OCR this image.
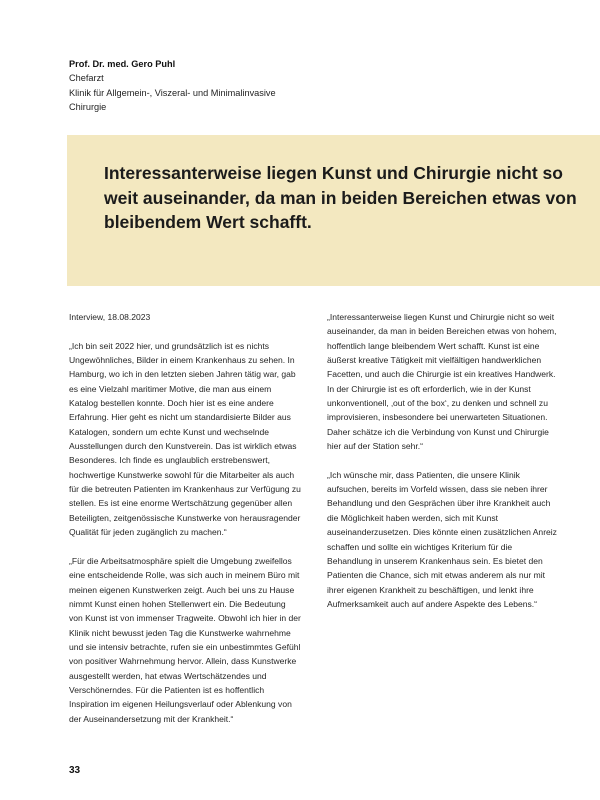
Prof. Dr. med. Gero Puhl
Chefarzt
Klinik für Allgemein-, Viszeral- und Minimalinvasive
Chirurgie
Interessanterweise liegen Kunst und Chirurgie nicht so weit auseinander, da man in beiden Bereichen etwas von bleibendem Wert schafft.

Interview, 18.08.2023

„Ich bin seit 2022 hier, und grundsätzlich ist es nichts Ungewöhnliches, Bilder in einem Krankenhaus zu sehen. In Hamburg, wo ich in den letzten sieben Jahren tätig war, gab es eine Vielzahl maritimer Motive, die man aus einem Katalog bestellen konnte. Doch hier ist es eine andere Erfahrung. Hier geht es nicht um standardisierte Bilder aus Katalogen, sondern um echte Kunst und wechselnde Ausstellungen durch den Kunstverein. Das ist wirklich etwas Besonderes. Ich finde es unglaublich erstrebenswert, hochwertige Kunstwerke sowohl für die Mitarbeiter als auch für die betreuten Patienten im Krankenhaus zur Verfügung zu stellen. Es ist eine enorme Wertschätzung gegenüber allen Beteiligten, zeitgenössische Kunstwerke von herausragender Qualität für jeden zugänglich zu machen.“

„Für die Arbeitsatmosphäre spielt die Umgebung zweifellos eine entscheidende Rolle, was sich auch in meinem Büro mit meinen eigenen Kunstwerken zeigt. Auch bei uns zu Hause nimmt Kunst einen hohen Stellenwert ein. Die Bedeutung von Kunst ist von immenser Tragweite. Obwohl ich hier in der Klinik nicht bewusst jeden Tag die Kunstwerke wahrnehme und sie intensiv betrachte, rufen sie ein unbestimmtes Gefühl von positiver Wahrnehmung hervor. Allein, dass Kunstwerke ausgestellt werden, hat etwas Wertschätzendes und Verschönerndes. Für die Patienten ist es hoffentlich Inspiration im eigenen Heilungsverlauf oder Ablenkung von der Auseinandersetzung mit der Krankheit.“

„Interessanterweise liegen Kunst und Chirurgie nicht so weit auseinander, da man in beiden Bereichen etwas von hohem, hoffentlich lange bleibendem Wert schafft. Kunst ist eine äußerst kreative Tätigkeit mit vielfältigen handwerklichen Facetten, und auch die Chirurgie ist ein kreatives Handwerk. In der Chirurgie ist es oft erforderlich, wie in der Kunst unkonventionell, ‚out of the box‘, zu denken und schnell zu improvisieren, insbesondere bei unerwarteten Situationen. Daher schätze ich die Verbindung von Kunst und Chirurgie hier auf der Station sehr.“

„Ich wünsche mir, dass Patienten, die unsere Klinik aufsuchen, bereits im Vorfeld wissen, dass sie neben ihrer Behandlung und den Gesprächen über ihre Krankheit auch die Möglichkeit haben werden, sich mit Kunst auseinanderzusetzen. Dies könnte einen zusätzlichen Anreiz schaffen und sollte ein wichtiges Kriterium für die Behandlung in unserem Krankenhaus sein. Es bietet den Patienten die Chance, sich mit etwas anderem als nur mit ihrer eigenen Krankheit zu beschäftigen, und lenkt ihre Aufmerksamkeit auch auf andere Aspekte des Lebens.“

33
